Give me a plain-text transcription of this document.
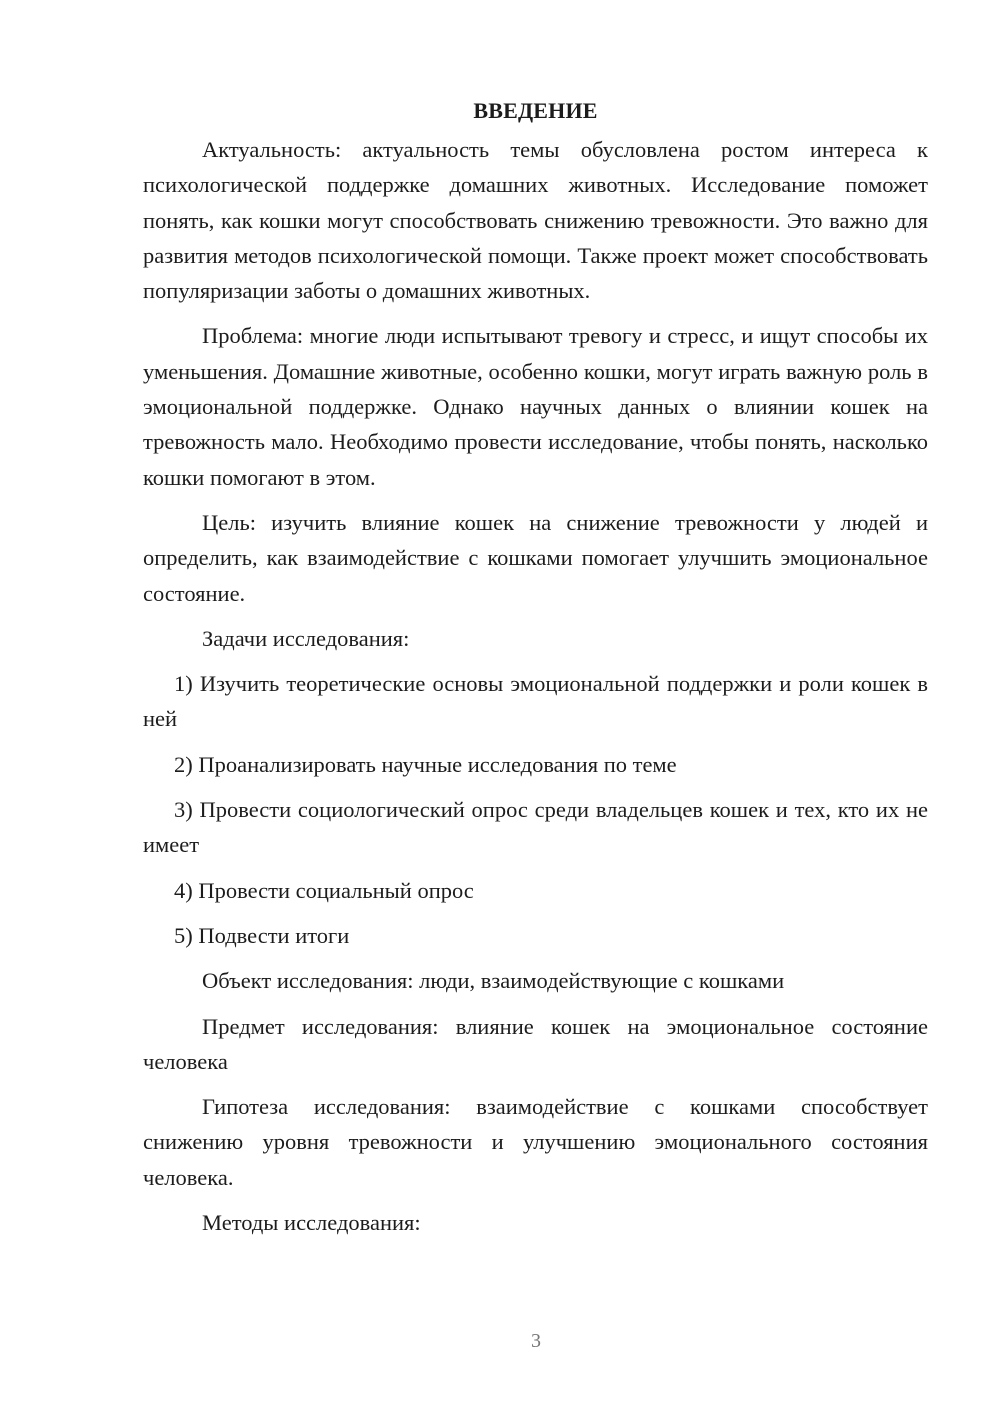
ВВЕДЕНИЕ

Актуальность: актуальность темы обусловлена ростом интереса к психологической поддержке домашних животных. Исследование поможет понять, как кошки могут способствовать снижению тревожности. Это важно для развития методов психологической помощи. Также проект может способствовать популяризации заботы о домашних животных.

Проблема: многие люди испытывают тревогу и стресс, и ищут способы их уменьшения. Домашние животные, особенно кошки, могут играть важную роль в эмоциональной поддержке. Однако научных данных о влиянии кошек на тревожность мало. Необходимо провести исследование, чтобы понять, насколько кошки помогают в этом.

Цель: изучить влияние кошек на снижение тревожности у людей и определить, как взаимодействие с кошками помогает улучшить эмоциональное состояние.

Задачи исследования:

1) Изучить теоретические основы эмоциональной поддержки и роли кошек в ней

2) Проанализировать научные исследования по теме

3) Провести социологический опрос среди владельцев кошек и тех, кто их не имеет

4) Провести социальный опрос

5) Подвести итоги

Объект исследования: люди, взаимодействующие с кошками

Предмет исследования: влияние кошек на эмоциональное состояние человека

Гипотеза исследования: взаимодействие с кошками способствует снижению уровня тревожности и улучшению эмоционального состояния человека.

Методы исследования:

3
